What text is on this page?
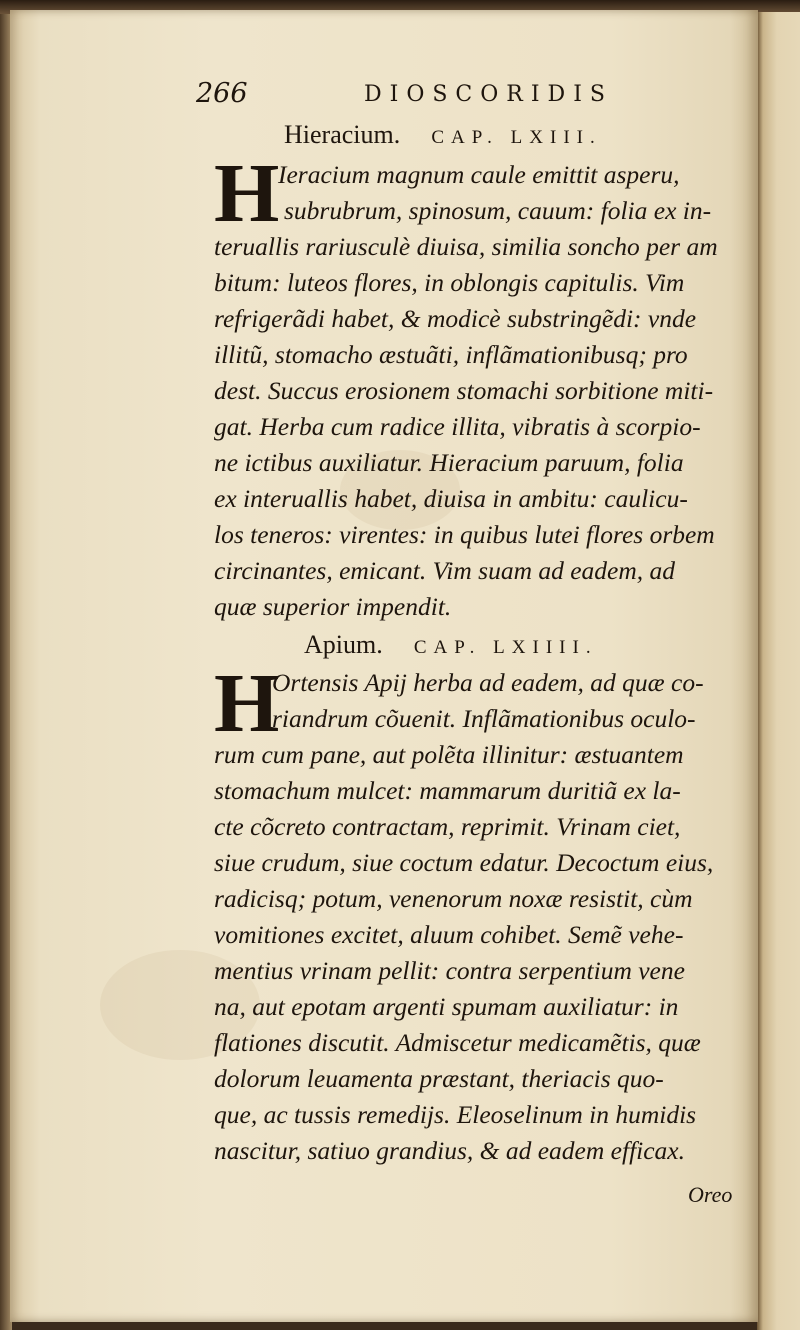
266	DIOSCORIDIS
Hieracium. CAP. LXIII.
H
Ieracium magnum caule emittit asperu,
subrubrum, spinosum, cauum: folia ex in-
teruallis rariusculè diuisa, similia soncho per am
bitum: luteos flores, in oblongis capitulis. Vim
refrigerãdi habet, & modicè substringẽdi: vnde
illitũ, stomacho æstuãti, inflãmationibusq; pro
dest. Succus erosionem stomachi sorbitione miti-
gat. Herba cum radice illita, vibratis à scorpio-
ne ictibus auxiliatur. Hieracium paruum, folia
ex interuallis habet, diuisa in ambitu: caulicu-
los teneros: virentes: in quibus lutei flores orbem
circinantes, emicant. Vim suam ad eadem, ad
quæ superior impendit.
Apium. CAP. LXIIII.
H
Ortensis Apij herba ad eadem, ad quæ co-
riandrum cõuenit. Inflãmationibus oculo-
rum cum pane, aut polẽta illinitur: æstuantem
stomachum mulcet: mammarum duritiã ex la-
cte cõcreto contractam, reprimit. Vrinam ciet,
siue crudum, siue coctum edatur. Decoctum eius,
radicisq; potum, venenorum noxæ resistit, cùm
vomitiones excitet, aluum cohibet. Semẽ vehe-
mentius vrinam pellit: contra serpentium vene
na, aut epotam argenti spumam auxiliatur: in
flationes discutit. Admiscetur medicamẽtis, quæ
dolorum leuamenta præstant, theriacis quo-
que, ac tussis remedijs. Eleoselinum in humidis
nascitur, satiuo grandius, & ad eadem efficax.
Oreo
